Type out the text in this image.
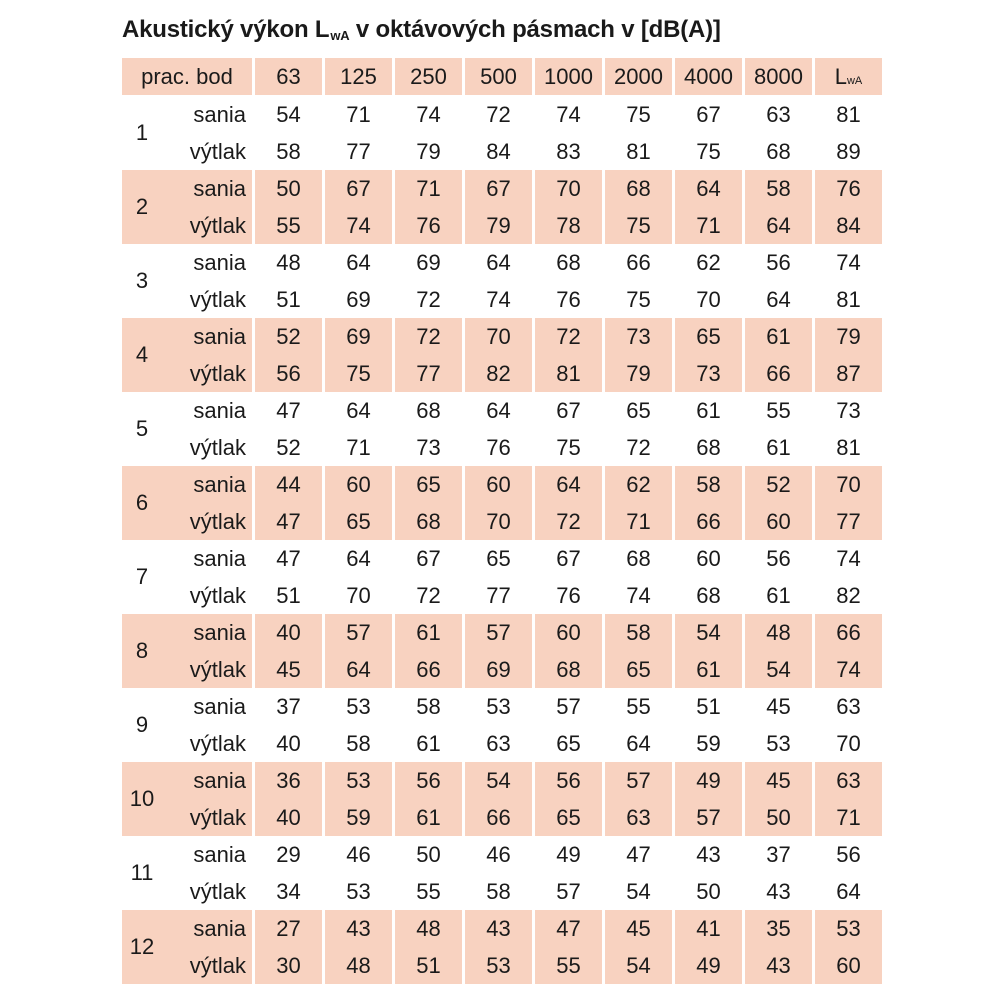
Akustický výkon LwA v oktávových pásmach v [dB(A)]
prac. bod	63	125	250	500	1000 2000 4000 8000	L wA
1
sania	54	71	74	72	74	75	67	63	81
výtlak	58	77	79	84	83	81	75	68	89
2
sania	50	67	71	67	70	68	64	58	76
výtlak	55	74	76	79	78	75	71	64	84
3
sania	48	64	69	64	68	66	62	56	74
výtlak	51	69	72	74	76	75	70	64	81
4
sania	52	69	72	70	72	73	65	61	79
výtlak	56	75	77	82	81	79	73	66	87
5
sania	47	64	68	64	67	65	61	55	73
výtlak	52	71	73	76	75	72	68	61	81
6
sania	44	60	65	60	64	62	58	52	70
výtlak	47	65	68	70	72	71	66	60	77
7
sania	47	64	67	65	67	68	60	56	74
výtlak	51	70	72	77	76	74	68	61	82
8
sania	40	57	61	57	60	58	54	48	66
výtlak	45	64	66	69	68	65	61	54	74
9
sania	37	53	58	53	57	55	51	45	63
výtlak	40	58	61	63	65	64	59	53	70
10
sania	36	53	56	54	56	57	49	45	63
výtlak	40	59	61	66	65	63	57	50	71
11
sania	29	46	50	46	49	47	43	37	56
výtlak	34	53	55	58	57	54	50	43	64
12
sania	27	43	48	43	47	45	41	35	53
výtlak	30	48	51	53	55	54	49	43	60
